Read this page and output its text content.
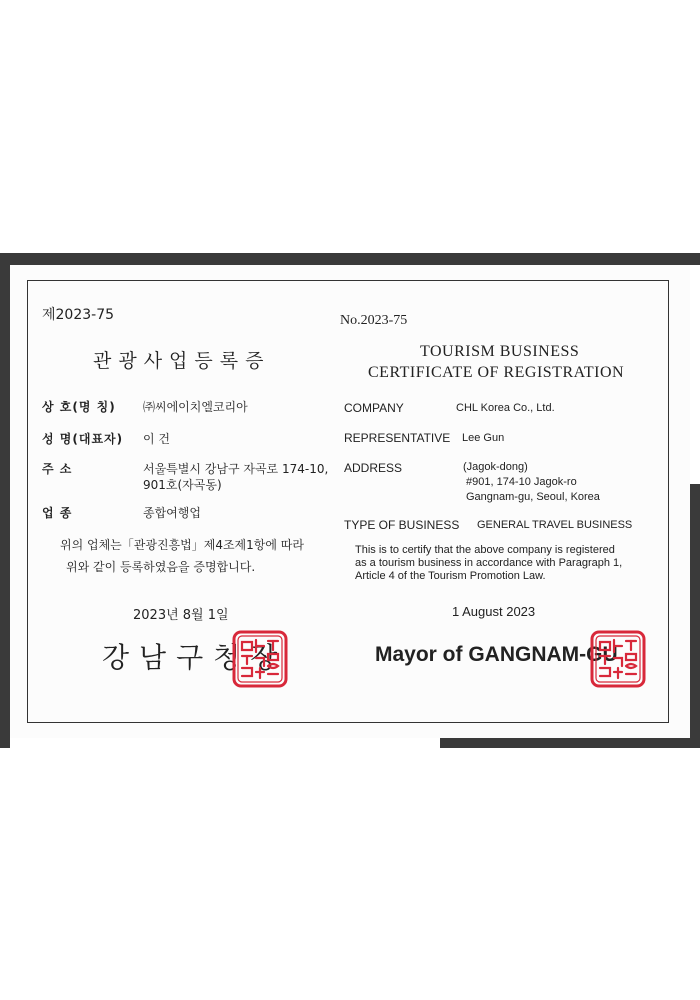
제2023-75
관광사업등록증
상 호(명 칭) ㈜씨에이치엘코리아
성 명(대표자) 이 건
주 소	서울특별시 강남구 자곡로 174-10,
901호(자곡동)
업 종	종합여행업
위의 업체는「관광진흥법」제4조제1항에 따라
위와 같이 등록하였음을 증명합니다.
2023년 8월 1일
강남구청장
No.2023-75
TOURISM BUSINESS
CERTIFICATE OF REGISTRATION
COMPANY	CHL Korea Co., Ltd.
REPRESENTATIVE Lee Gun
ADDRESS	(Jagok-dong)
#901, 174-10 Jagok-ro
Gangnam-gu, Seoul, Korea
TYPE OF BUSINESS GENERAL TRAVEL BUSINESS
This is to certify that the above company is registered
as a tourism business in accordance with Paragraph 1,
Article 4 of the Tourism Promotion Law.
1 August 2023
Mayor of GANGNAM-GU
